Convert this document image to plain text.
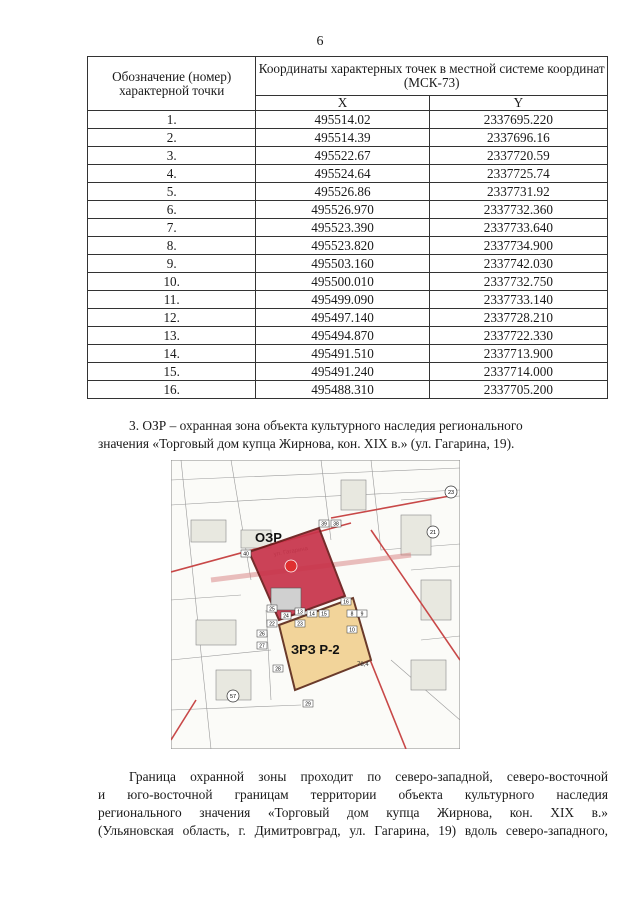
6
Обозначение (номер) характерной точки	Координаты характерных точек в местной системе координат (МСК-73)	
	X	Y
1.	495514.02	2337695.220
2.	495514.39	2337696.16
3.	495522.67	2337720.59
4.	495524.64	2337725.74
5.	495526.86	2337731.92
6.	495526.970	2337732.360
7.	495523.390	2337733.640
8.	495523.820	2337734.900
9.	495503.160	2337742.030
10.	495500.010	2337732.750
11.	495499.090	2337733.140
12.	495497.140	2337728.210
13.	495494.870	2337722.330
14.	495491.510	2337713.900
15.	495491.240	2337714.000
16.	495488.310	2337705.200

3. ОЗР – охранная зона объекта культурного наследия регионального
значения «Торговый дом купца Жирнова, кон. XIX в.» (ул. Гагарина, 19).

ОЗР
ЗРЗ Р-2
78,4
40
39 38
25
24
22	23
26
27
28
29
13 14 15
16
8 9
10
21
23
57

Граница охранной зоны проходит по северо-западной, северо-восточной
и юго-восточной границам территории объекта культурного наследия
регионального значения «Торговый дом купца Жирнова, кон. XIX в.»
(Ульяновская область, г. Димитровград, ул. Гагарина, 19) вдоль северо-западного,
